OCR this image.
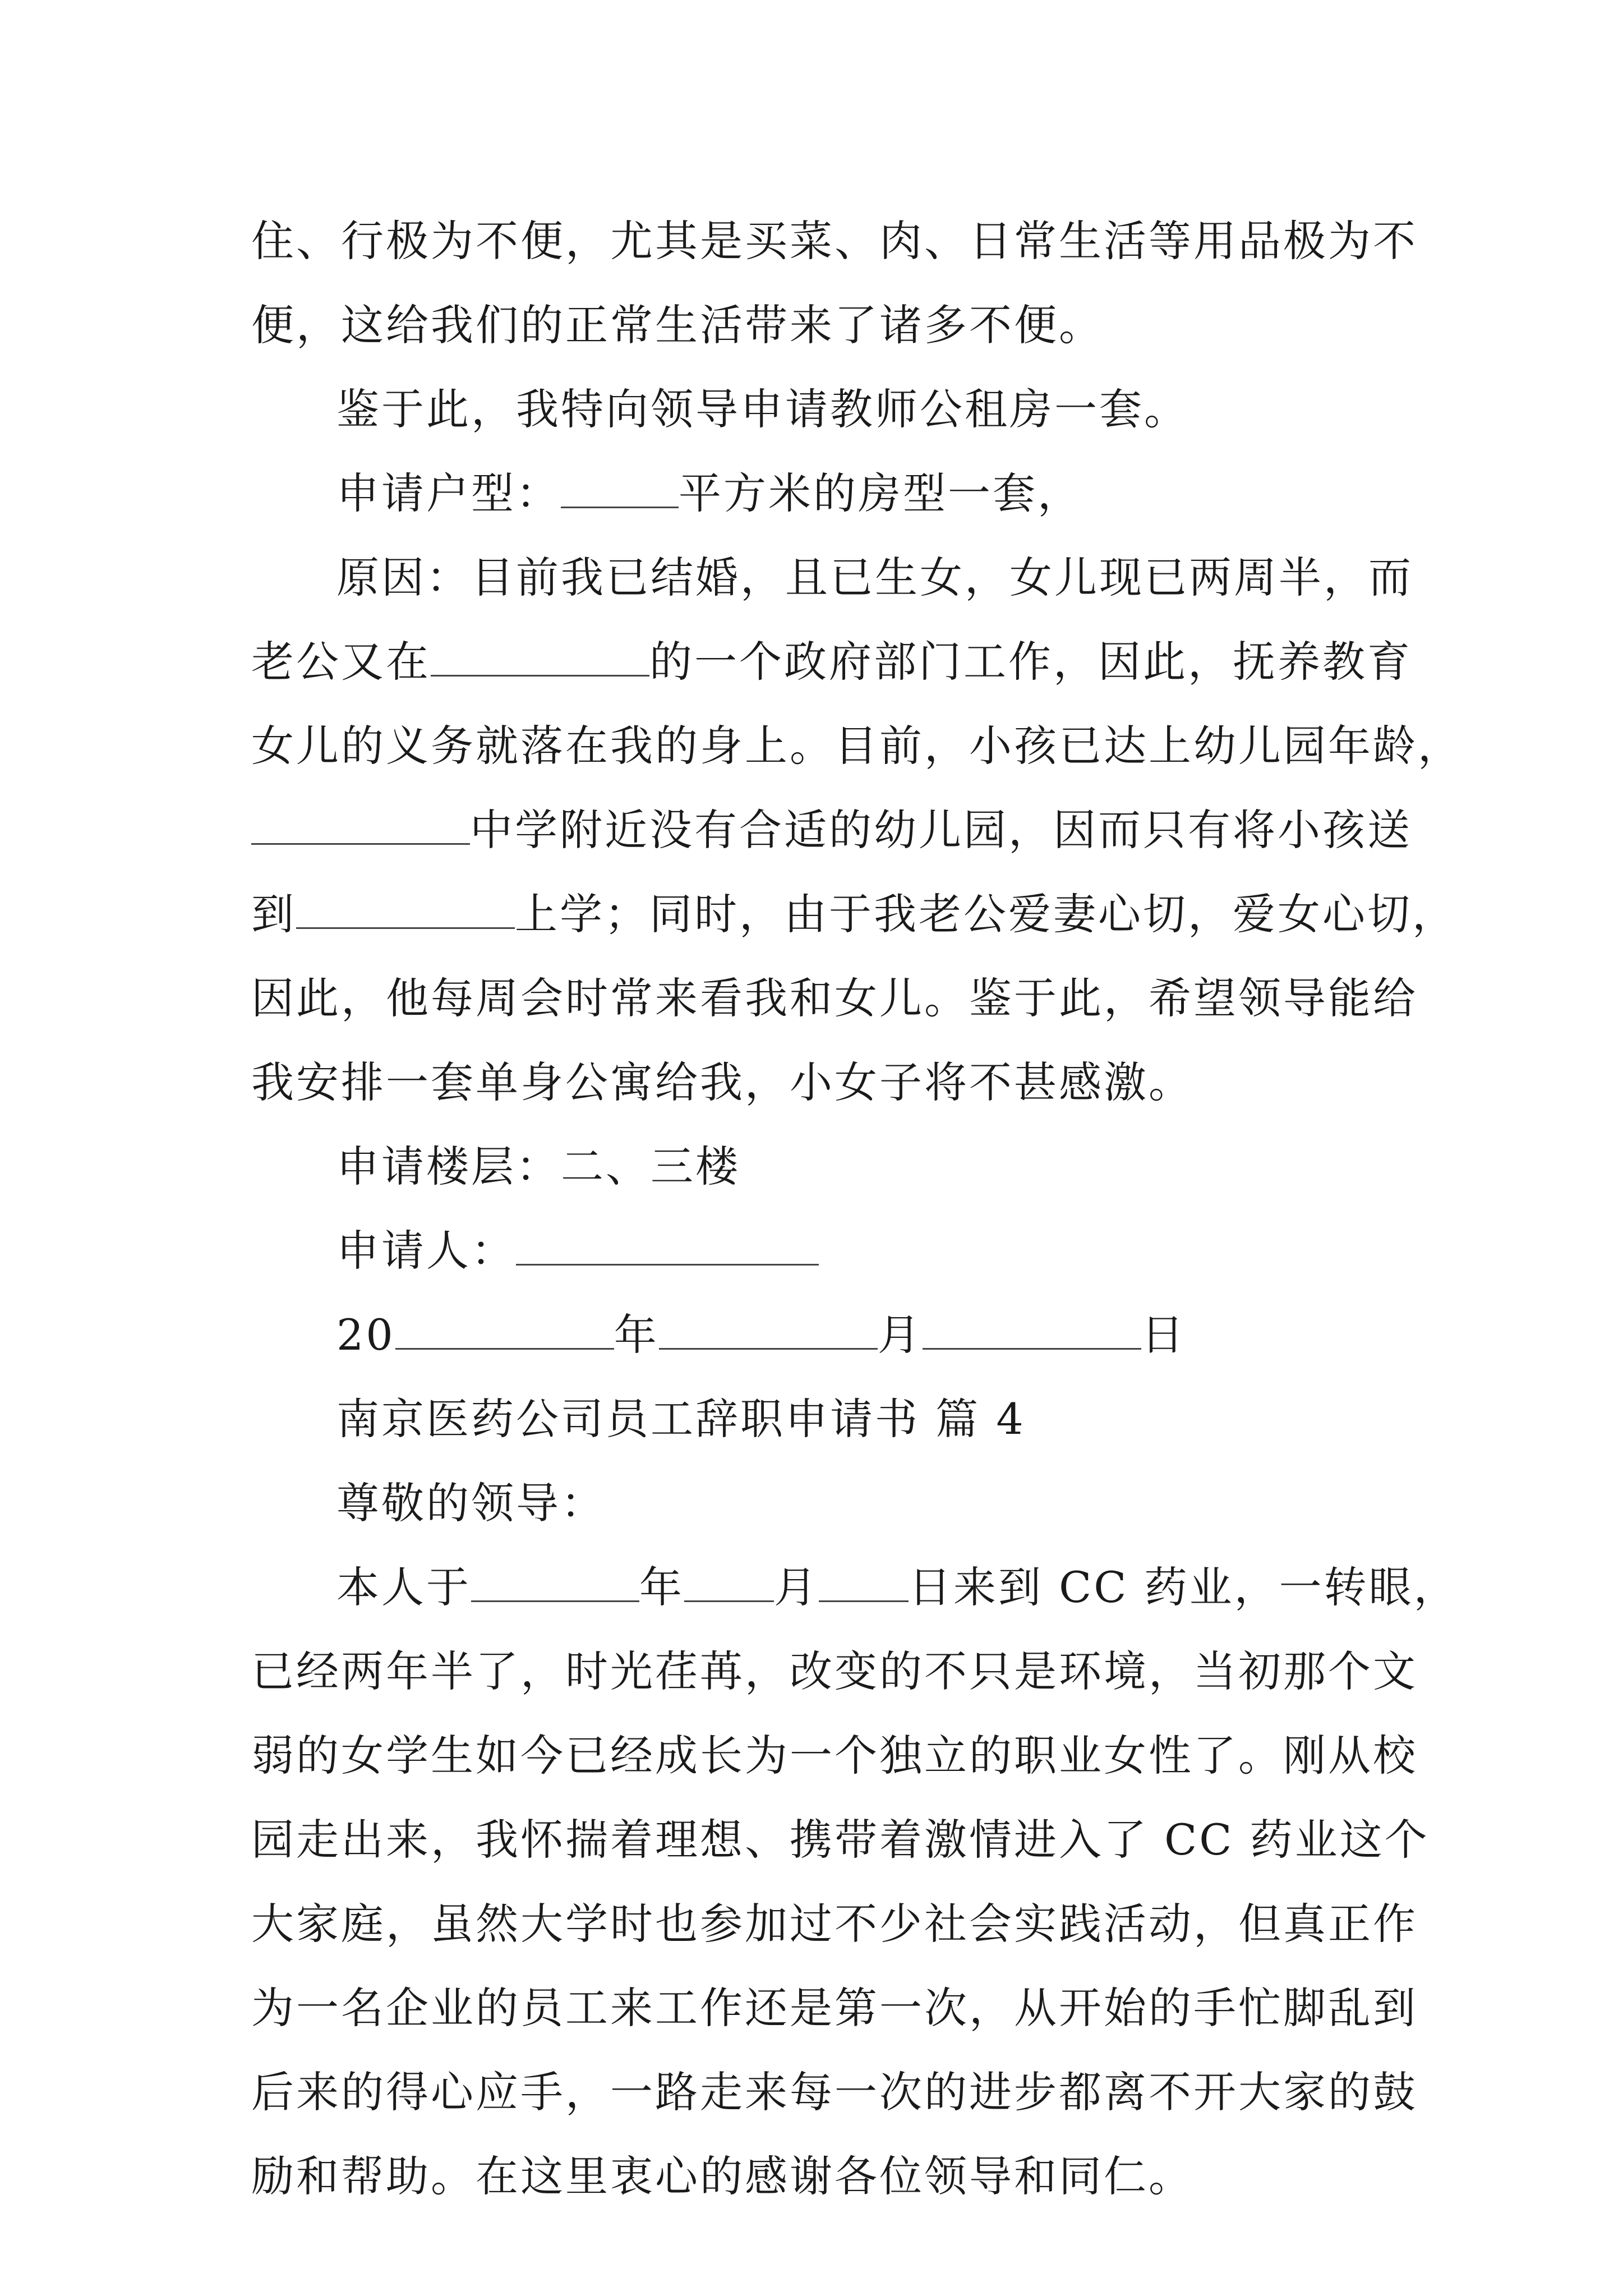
住、行极为不便，尤其是买菜、肉、日常生活等用品极为不
便，这给我们的正常生活带来了诸多不便。
鉴于此，我特向领导申请教师公租房一套。
申请户型：	平方米的房型一套，
原因：目前我已结婚，且已生女，女儿现已两周半，而
老公又在	的一个政府部门工作，因此，抚养教育
女儿的义务就落在我的身上。目前，小孩已达上幼儿园年龄，
中学附近没有合适的幼儿园，因而只有将小孩送
到	上学；同时，由于我老公爱妻心切，爱女心切，
因此，他每周会时常来看我和女儿。鉴于此，希望领导能给
我安排一套单身公寓给我，小女子将不甚感激。
申请楼层：二、三楼
申请人：
20	年	月	日
南京医药公司员工辞职申请书 篇 4
尊敬的领导：
本人于	年 月 日来到 CC 药业，一转眼，
已经两年半了，时光荏苒，改变的不只是环境，当初那个文
弱的女学生如今已经成长为一个独立的职业女性了。刚从校
园走出来，我怀揣着理想、携带着激情进入了 CC 药业这个
大家庭，虽然大学时也参加过不少社会实践活动，但真正作
为一名企业的员工来工作还是第一次，从开始的手忙脚乱到
后来的得心应手，一路走来每一次的进步都离不开大家的鼓
励和帮助。在这里衷心的感谢各位领导和同仁。
